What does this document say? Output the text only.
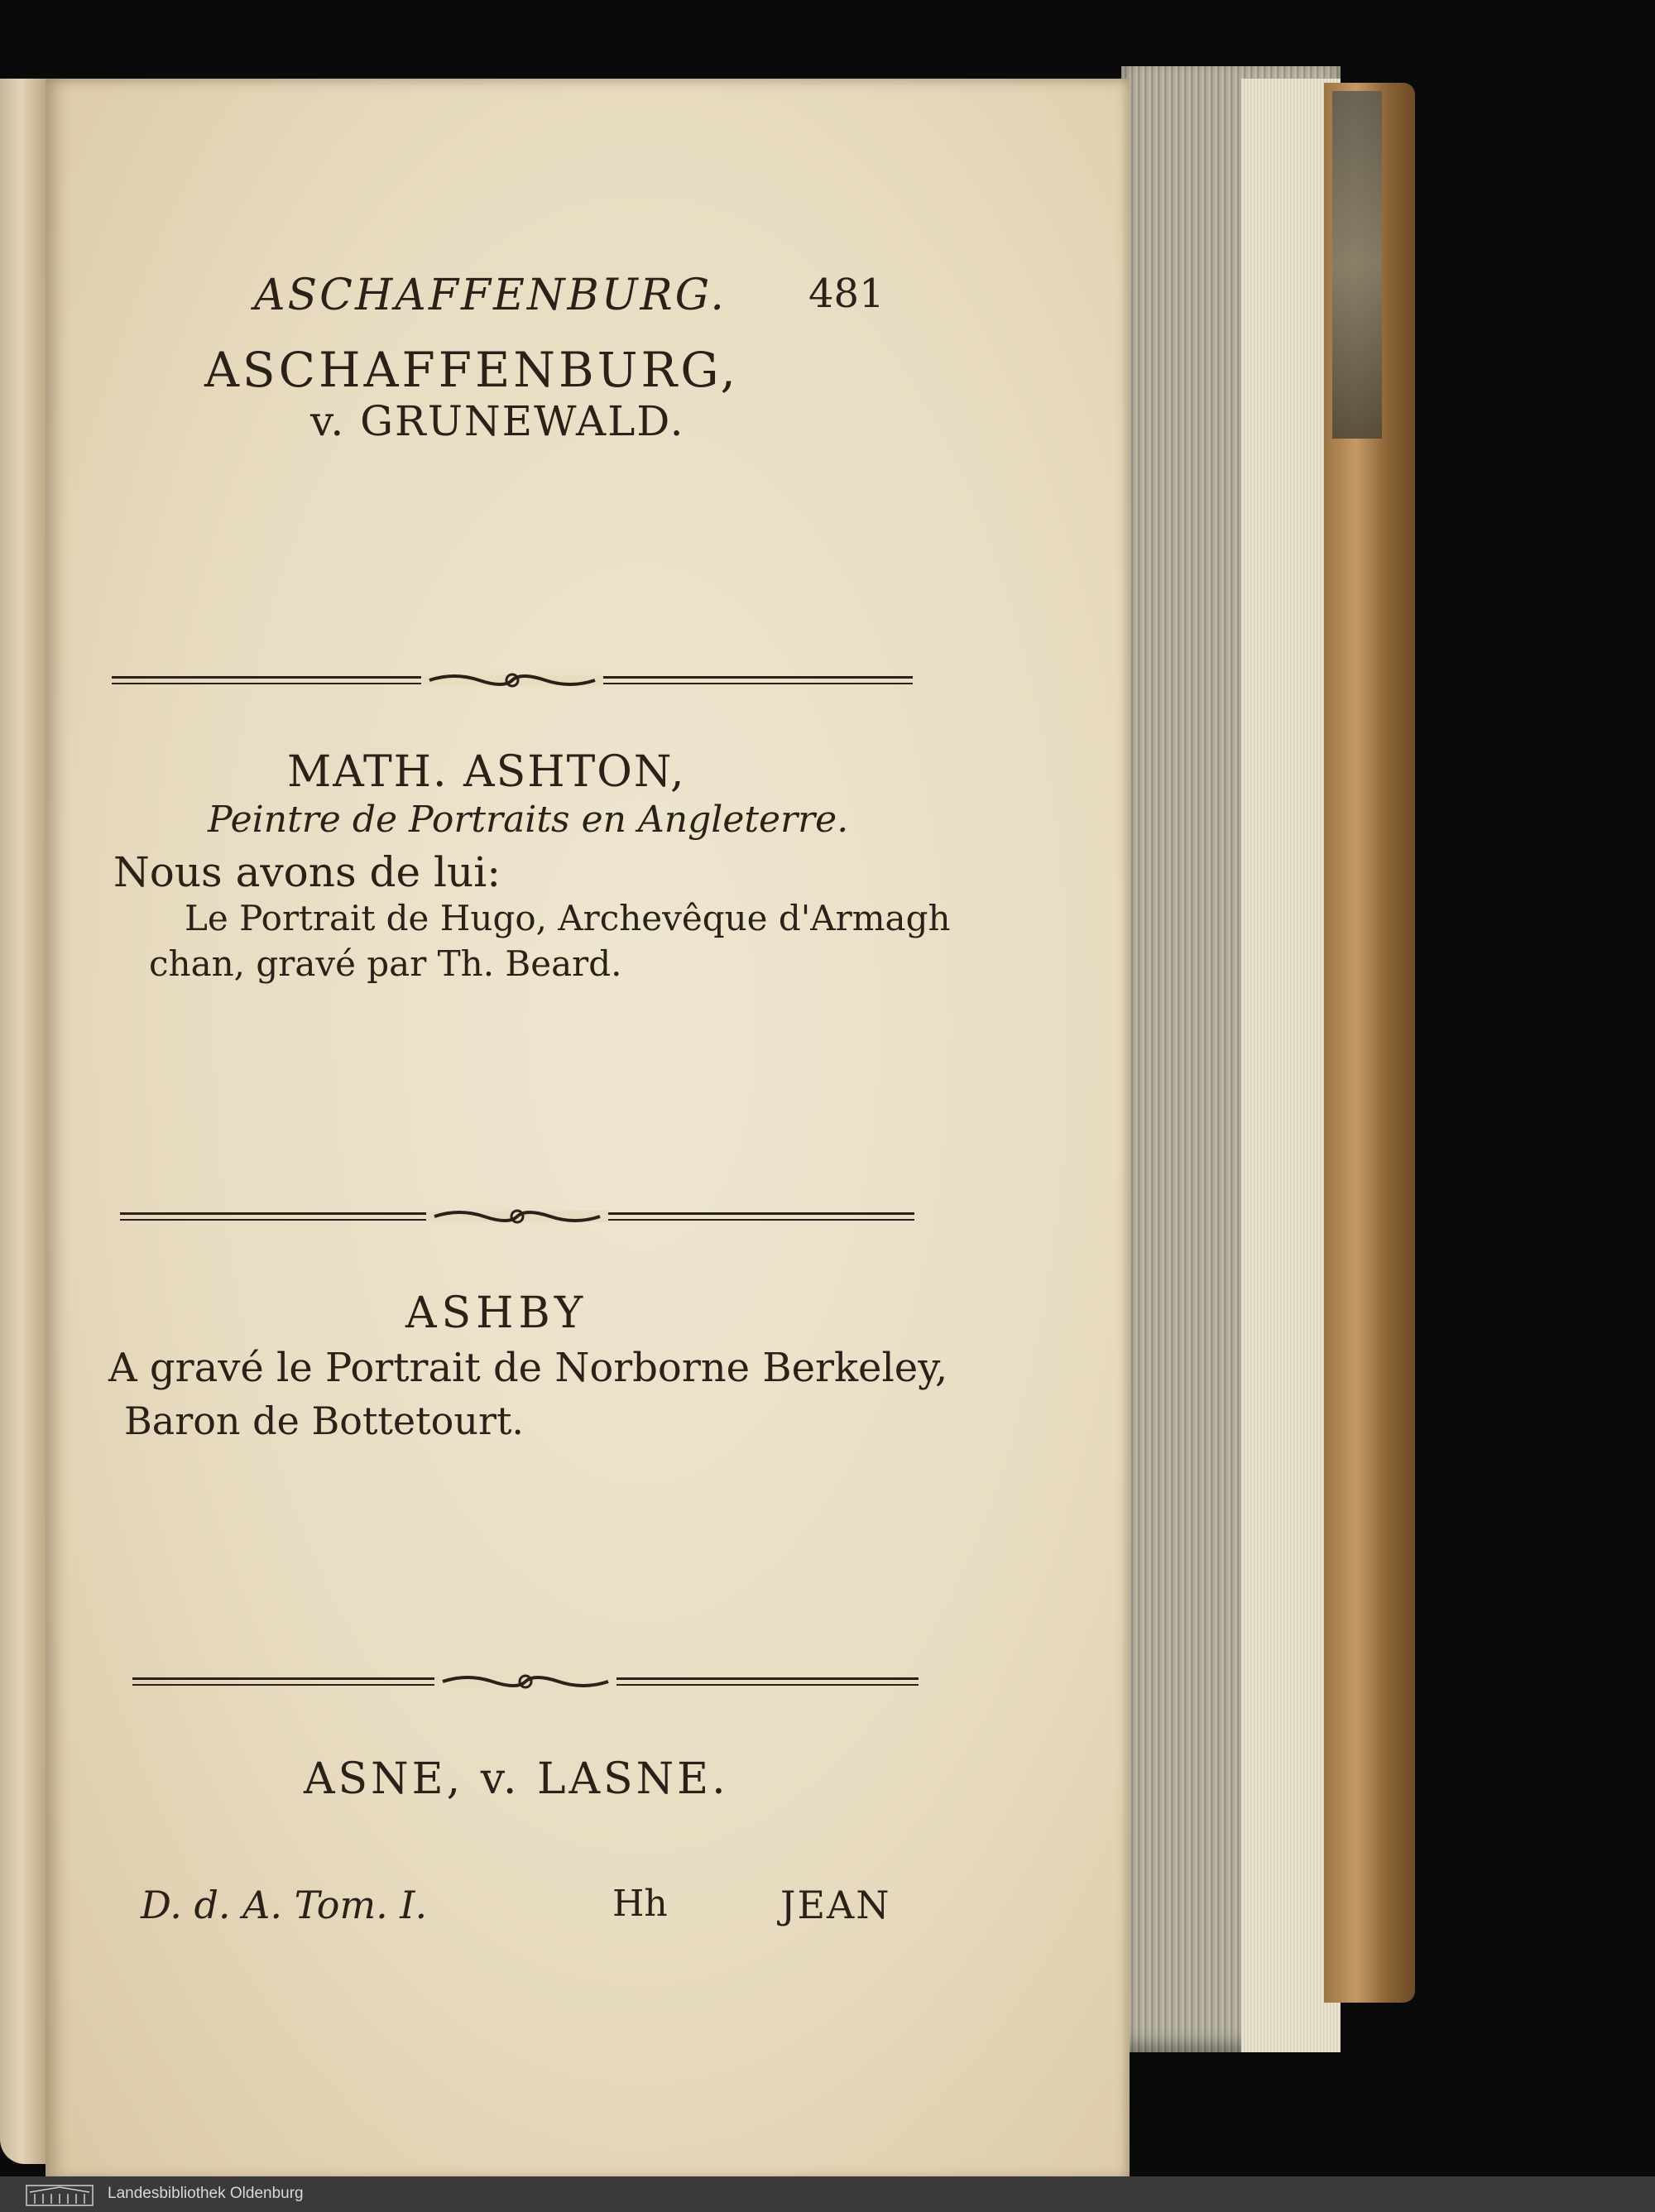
ASCHAFFENBURG. 481
ASCHAFFENBURG,
v. GRUNEWALD.
MATH. ASHTON,
Peintre de Portraits en Angleterre.
Nous avons de lui:
Le Portrait de Hugo, Archevêque d'Armagh
chan, gravé par Th. Beard.
ASHBY
A gravé le Portrait de Norborne Berkeley,
Baron de Bottetourt.
ASNE, v. LASNE.
D. d. A. Tom. I.	Hh	JEAN
Landesbibliothek Oldenburg
